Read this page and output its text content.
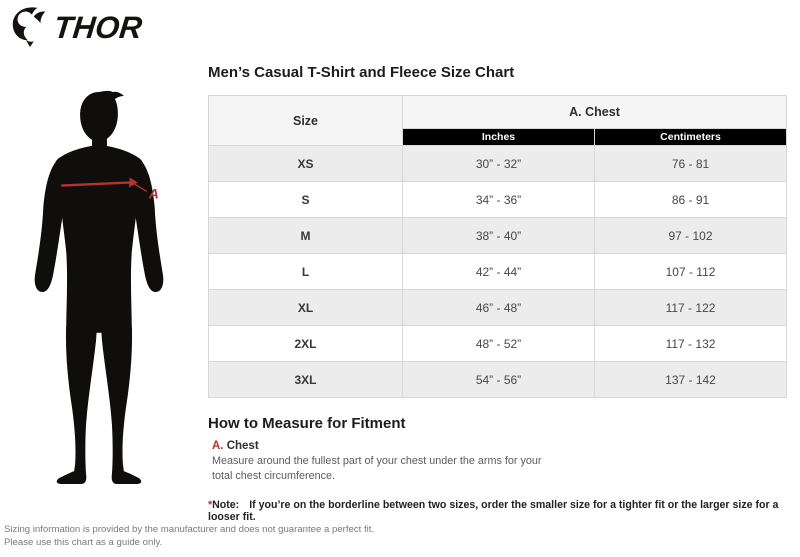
THOR
A
Men’s Casual T-Shirt and Fleece Size Chart
Size	A. Chest	
	Inches	Centimeters
XS	30” - 32”	76 - 81
S	34” - 36”	86 - 91
M	38” - 40”	97 - 102
L	42” - 44”	107 - 112
XL	46” - 48”	117 - 122
2XL	48” - 52”	117 - 132
3XL	54” - 56”	137 - 142
How to Measure for Fitment
A. Chest
Measure around the fullest part of your chest under the arms for your total chest circumference.
*Note: If you’re on the borderline between two sizes, order the smaller size for a tighter fit or the larger size for a looser fit.
Sizing information is provided by the manufacturer and does not guarantee a perfect fit.
Please use this chart as a guide only.
